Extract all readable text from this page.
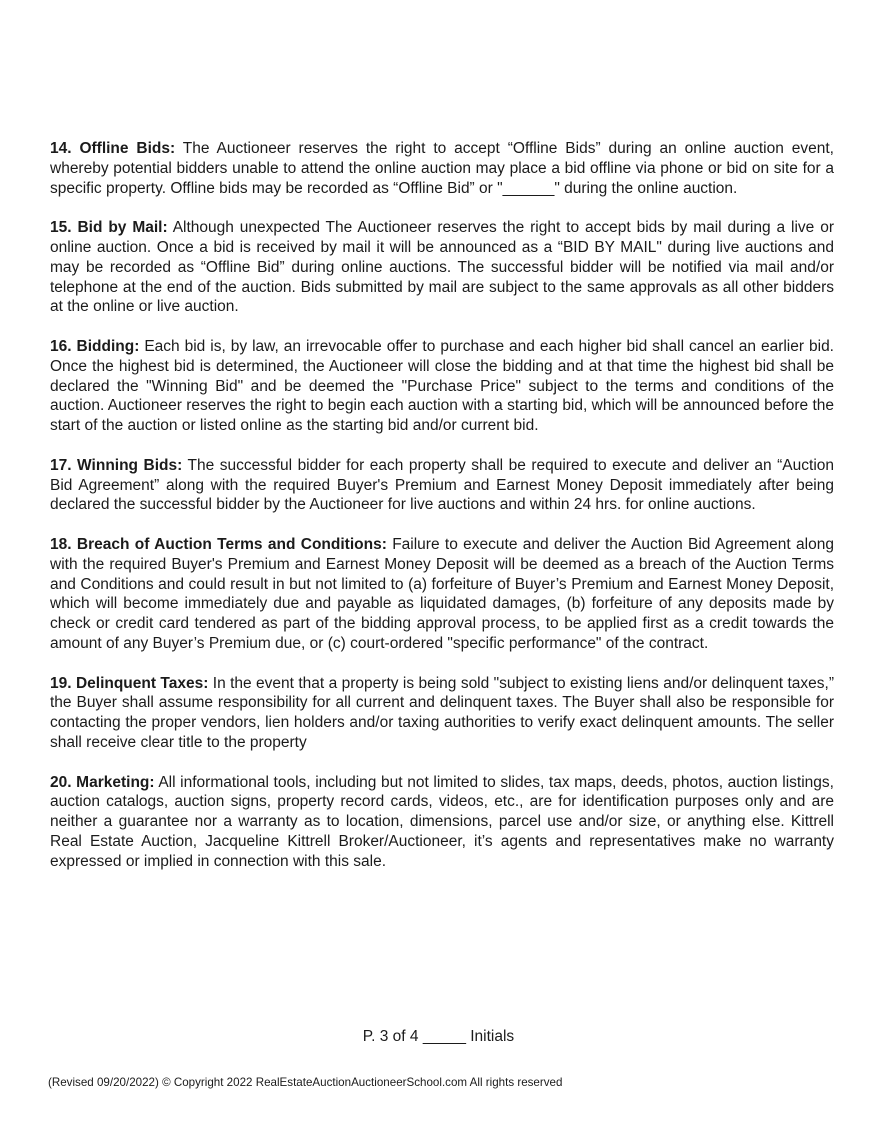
14. Offline Bids: The Auctioneer reserves the right to accept “Offline Bids” during an online auction event, whereby potential bidders unable to attend the online auction may place a bid offline via phone or bid on site for a specific property. Offline bids may be recorded as “Offline Bid” or "______" during the online auction.

15. Bid by Mail: Although unexpected The Auctioneer reserves the right to accept bids by mail during a live or online auction. Once a bid is received by mail it will be announced as a “BID BY MAIL" during live auctions and may be recorded as “Offline Bid” during online auctions. The successful bidder will be notified via mail and/or telephone at the end of the auction. Bids submitted by mail are subject to the same approvals as all other bidders at the online or live auction.

16. Bidding: Each bid is, by law, an irrevocable offer to purchase and each higher bid shall cancel an earlier bid. Once the highest bid is determined, the Auctioneer will close the bidding and at that time the highest bid shall be declared the "Winning Bid" and be deemed the "Purchase Price" subject to the terms and conditions of the auction. Auctioneer reserves the right to begin each auction with a starting bid, which will be announced before the start of the auction or listed online as the starting bid and/or current bid.

17. Winning Bids: The successful bidder for each property shall be required to execute and deliver an “Auction Bid Agreement” along with the required Buyer's Premium and Earnest Money Deposit immediately after being declared the successful bidder by the Auctioneer for live auctions and within 24 hrs. for online auctions.

18. Breach of Auction Terms and Conditions: Failure to execute and deliver the Auction Bid Agreement along with the required Buyer's Premium and Earnest Money Deposit will be deemed as a breach of the Auction Terms and Conditions and could result in but not limited to (a) forfeiture of Buyer’s Premium and Earnest Money Deposit, which will become immediately due and payable as liquidated damages, (b) forfeiture of any deposits made by check or credit card tendered as part of the bidding approval process, to be applied first as a credit towards the amount of any Buyer’s Premium due, or (c) court-ordered "specific performance" of the contract.

19. Delinquent Taxes: In the event that a property is being sold "subject to existing liens and/or delinquent taxes,” the Buyer shall assume responsibility for all current and delinquent taxes. The Buyer shall also be responsible for contacting the proper vendors, lien holders and/or taxing authorities to verify exact delinquent amounts. The seller shall receive clear title to the property

20. Marketing: All informational tools, including but not limited to slides, tax maps, deeds, photos, auction listings, auction catalogs, auction signs, property record cards, videos, etc., are for identification purposes only and are neither a guarantee nor a warranty as to location, dimensions, parcel use and/or size, or anything else. Kittrell Real Estate Auction, Jacqueline Kittrell Broker/Auctioneer, it’s agents and representatives make no warranty expressed or implied in connection with this sale.

P. 3 of 4 _____ Initials
(Revised 09/20/2022) © Copyright 2022 RealEstateAuctionAuctioneerSchool.com All rights reserved
